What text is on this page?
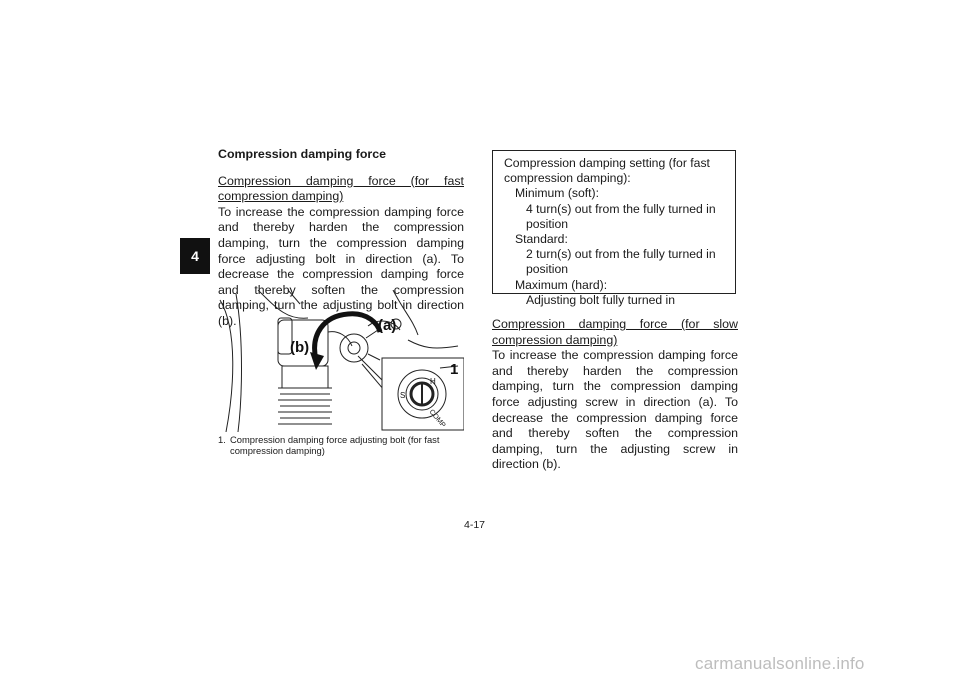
4

Compression damping force

Compression damping force (for fast compression damping)

To increase the compression damping force and thereby harden the compression damping, turn the compression damping force adjusting bolt in direction (a). To decrease the compression damping force and thereby soften the compression damping, turn the adjusting bolt in direction (b).	(a)
(b)
1
H
S
COMP
1. Compression damping force adjusting bolt (for fast compression damping)
Compression damping setting (for fast compression damping):
Minimum (soft):
4 turn(s) out from the fully turned in position
Standard:
2 turn(s) out from the fully turned in position
Maximum (hard):
Adjusting bolt fully turned in

Compression damping force (for slow compression damping)

To increase the compression damping force and thereby harden the compression damping, turn the compression damping force adjusting screw in direction (a). To decrease the compression damping force and thereby soften the compression damping, turn the adjusting screw in direction (b).

4-17
carmanualsonline.info
